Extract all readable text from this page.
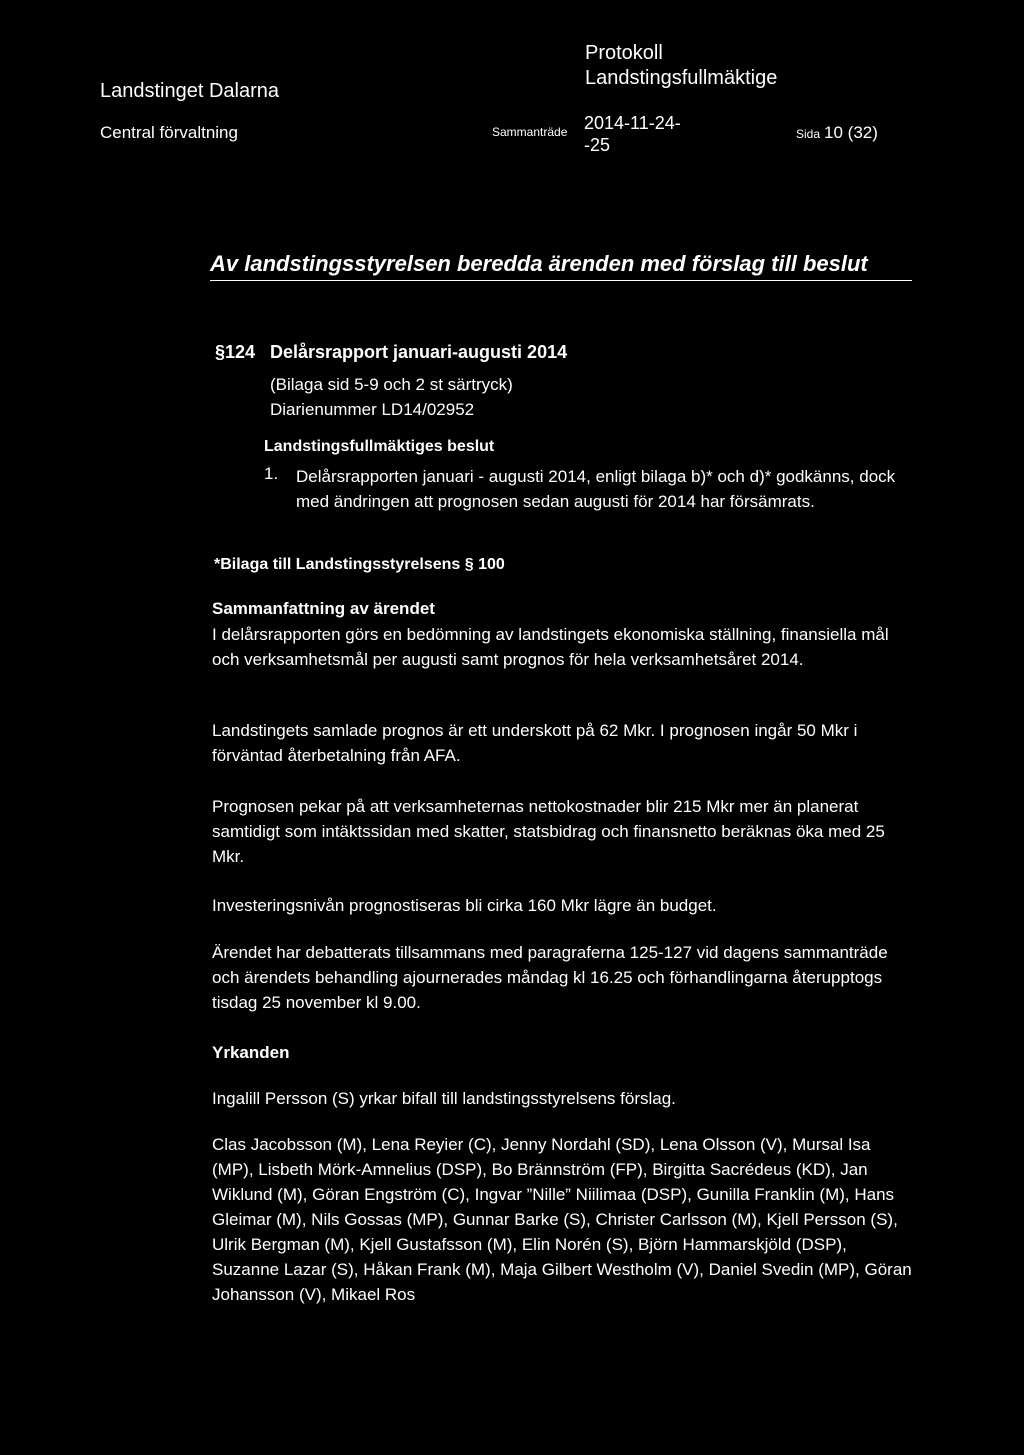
Landstinget Dalarna
Central förvaltning
Protokoll
Landstingsfullmäktige
Sammanträde 2014-11-24-
-25
Sida 10 (32)
Av landstingsstyrelsen beredda ärenden med förslag till beslut
§124 Delårsrapport januari-augusti 2014
(Bilaga sid 5-9 och 2 st särtryck)
Diarienummer LD14/02952
Landstingsfullmäktiges beslut
1. Delårsrapporten januari - augusti 2014, enligt bilaga b)* och d)* godkänns, dock med ändringen att prognosen sedan augusti för 2014 har försämrats.
*Bilaga till Landstingsstyrelsens § 100
Sammanfattning av ärendet
I delårsrapporten görs en bedömning av landstingets ekonomiska ställning, finansiella mål och verksamhetsmål per augusti samt prognos för hela verksamhetsåret 2014.
Landstingets samlade prognos är ett underskott på 62 Mkr. I prognosen ingår 50 Mkr i förväntad återbetalning från AFA.
Prognosen pekar på att verksamheternas nettokostnader blir 215 Mkr mer än planerat samtidigt som intäktssidan med skatter, statsbidrag och finansnetto beräknas öka med 25 Mkr.
Investeringsnivån prognostiseras bli cirka 160 Mkr lägre än budget.
Ärendet har debatterats tillsammans med paragraferna 125-127 vid dagens sammanträde och ärendets behandling ajournerades måndag kl 16.25 och förhandlingarna återupptogs tisdag 25 november kl 9.00.
Yrkanden
Ingalill Persson (S) yrkar bifall till landstingsstyrelsens förslag.
Clas Jacobsson (M), Lena Reyier (C), Jenny Nordahl (SD), Lena Olsson (V), Mursal Isa (MP), Lisbeth Mörk-Amnelius (DSP), Bo Brännström (FP), Birgitta Sacrédeus (KD), Jan Wiklund (M), Göran Engström (C), Ingvar ”Nille” Niilimaa (DSP), Gunilla Franklin (M), Hans Gleimar (M), Nils Gossas (MP), Gunnar Barke (S), Christer Carlsson (M), Kjell Persson (S), Ulrik Bergman (M), Kjell Gustafsson (M), Elin Norén (S), Björn Hammarskjöld (DSP), Suzanne Lazar (S), Håkan Frank (M), Maja Gilbert Westholm (V), Daniel Svedin (MP), Göran Johansson (V), Mikael Ros
